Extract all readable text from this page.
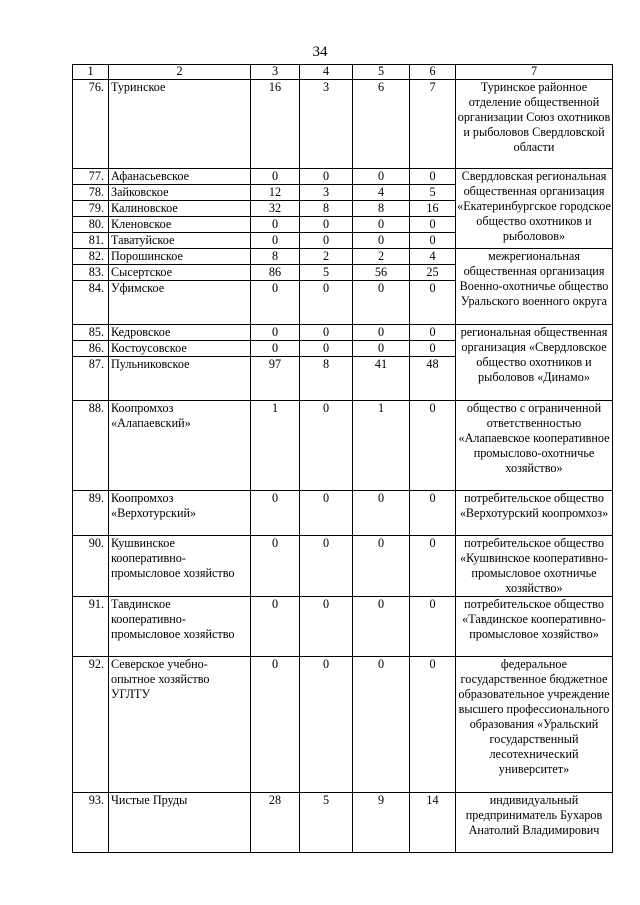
34
1	2	3	4	5	6	7
76.	Туринское	16	3	6	7	Туринское районное отделение общественной организации Союз охотников и рыболовов Свердловской области
77.	Афанасьевское	0	0	0	0	Свердловская региональная общественная организация «Екатеринбургское городское общество охотников и рыболовов»
78.	Зайковское	12	3	4	5	
79.	Калиновское	32	8	8	16	
80.	Кленовское	0	0	0	0	
81.	Таватуйское	0	0	0	0	
82.	Порошинское	8	2	2	4	межрегиональная общественная организация Военно-охотничье общество Уральского военного округа
83.	Сысертское	86	5	56	25	
84.	Уфимское	0	0	0	0	
85.	Кедровское	0	0	0	0	региональная общественная организация «Свердловское общество охотников и рыболовов «Динамо»
86.	Костоусовское	0	0	0	0	
87.	Пульниковское	97	8	41	48	
88.	Коопромхоз «Алапаевский»	1	0	1	0	общество с ограниченной ответственностью «Алапаевское кооперативное промыслово-охотничье хозяйство»
89.	Коопромхоз «Верхотурский»	0	0	0	0	потребительское общество «Верхотурский коопромхоз»
90.	Кушвинское кооперативно-промысловое хозяйство	0	0	0	0	потребительское общество «Кушвинское кооперативно-промысловое охотничье хозяйство»
91.	Тавдинское кооперативно-промысловое хозяйство	0	0	0	0	потребительское общество «Тавдинское кооперативно-промысловое хозяйство»
92.	Северское учебно-опытное хозяйство УГЛТУ	0	0	0	0	федеральное государственное бюджетное образовательное учреждение высшего профессионального образования «Уральский государственный лесотехнический университет»
93.	Чистые Пруды	28	5	9	14	индивидуальный предприниматель Бухаров Анатолий Владимирович
